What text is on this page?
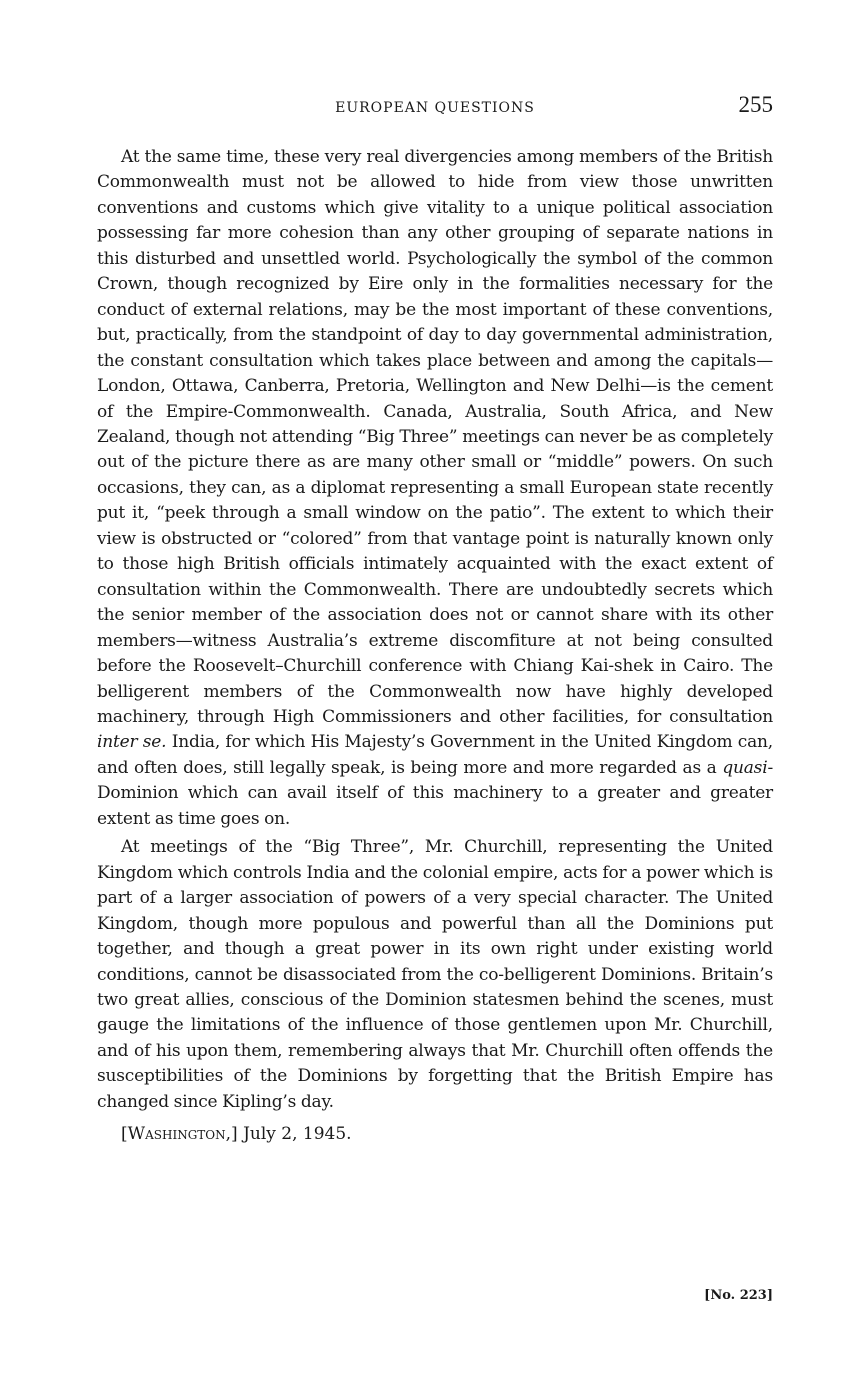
EUROPEAN QUESTIONS	255

At the same time, these very real divergencies among members of the British Commonwealth must not be allowed to hide from view those unwritten conventions and customs which give vitality to a unique political association possessing far more cohesion than any other grouping of separate nations in this disturbed and unsettled world. Psychologically the symbol of the common Crown, though recognized by Eire only in the formalities necessary for the conduct of external relations, may be the most important of these conventions, but, practically, from the standpoint of day to day governmental administration, the constant consultation which takes place between and among the capitals—London, Ottawa, Canberra, Pretoria, Wellington and New Delhi—is the cement of the Empire-Commonwealth. Canada, Australia, South Africa, and New Zealand, though not attending “Big Three” meetings can never be as completely out of the picture there as are many other small or “middle” powers. On such occasions, they can, as a diplomat representing a small European state recently put it, “peek through a small window on the patio”. The extent to which their view is obstructed or “colored” from that vantage point is naturally known only to those high British officials intimately acquainted with the exact extent of consultation within the Commonwealth. There are undoubtedly secrets which the senior member of the association does not or cannot share with its other members—witness Australia’s extreme discomfiture at not being consulted before the Roosevelt–Churchill conference with Chiang Kai-shek in Cairo. The belligerent members of the Commonwealth now have highly developed machinery, through High Commissioners and other facilities, for consultation inter se. India, for which His Majesty’s Government in the United Kingdom can, and often does, still legally speak, is being more and more regarded as a quasi-Dominion which can avail itself of this machinery to a greater and greater extent as time goes on.

At meetings of the “Big Three”, Mr. Churchill, representing the United Kingdom which controls India and the colonial empire, acts for a power which is part of a larger association of powers of a very special character. The United Kingdom, though more populous and powerful than all the Dominions put together, and though a great power in its own right under existing world conditions, cannot be disassociated from the co-belligerent Dominions. Britain’s two great allies, conscious of the Dominion statesmen behind the scenes, must gauge the limitations of the influence of those gentlemen upon Mr. Churchill, and of his upon them, remembering always that Mr. Churchill often offends the susceptibilities of the Dominions by forgetting that the British Empire has changed since Kipling’s day.

[Washington,] July 2, 1945.
[No. 223]
